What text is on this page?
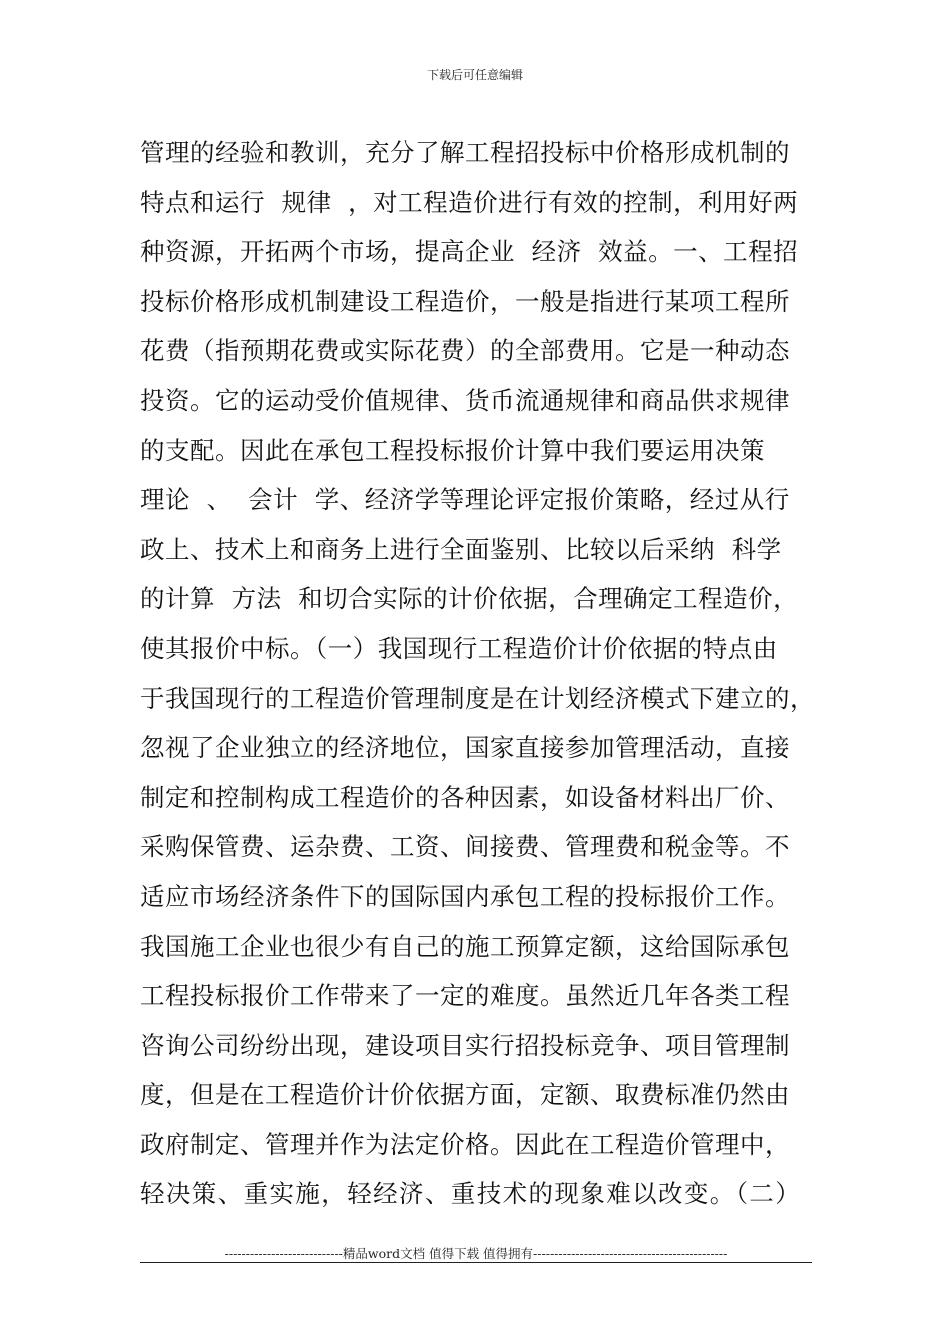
下载后可任意编辑
管理的经验和教训，充分了解工程招投标中价格形成机制的
特点和运行  规律  ，对工程造价进行有效的控制，利用好两
种资源，开拓两个市场，提高企业  经济  效益。一、工程招
投标价格形成机制建设工程造价，一般是指进行某项工程所
花费（指预期花费或实际花费）的全部费用。它是一种动态
投资。它的运动受价值规律、货币流通规律和商品供求规律
的支配。因此在承包工程投标报价计算中我们要运用决策
理论  、  会计  学、经济学等理论评定报价策略，经过从行
政上、技术上和商务上进行全面鉴别、比较以后采纳  科学
的计算  方法  和切合实际的计价依据，合理确定工程造价，
使其报价中标。（一）我国现行工程造价计价依据的特点由
于我国现行的工程造价管理制度是在计划经济模式下建立的，
忽视了企业独立的经济地位，国家直接参加管理活动，直接
制定和控制构成工程造价的各种因素，如设备材料出厂价、
采购保管费、运杂费、工资、间接费、管理费和税金等。不
适应市场经济条件下的国际国内承包工程的投标报价工作。
我国施工企业也很少有自己的施工预算定额，这给国际承包
工程投标报价工作带来了一定的难度。虽然近几年各类工程
咨询公司纷纷出现，建设项目实行招投标竞争、项目管理制
度，但是在工程造价计价依据方面，定额、取费标准仍然由
政府制定、管理并作为法定价格。因此在工程造价管理中，
轻决策、重实施，轻经济、重技术的现象难以改变。（二）
----------------------------精品word文档 值得下载 值得拥有----------------------------------------------
